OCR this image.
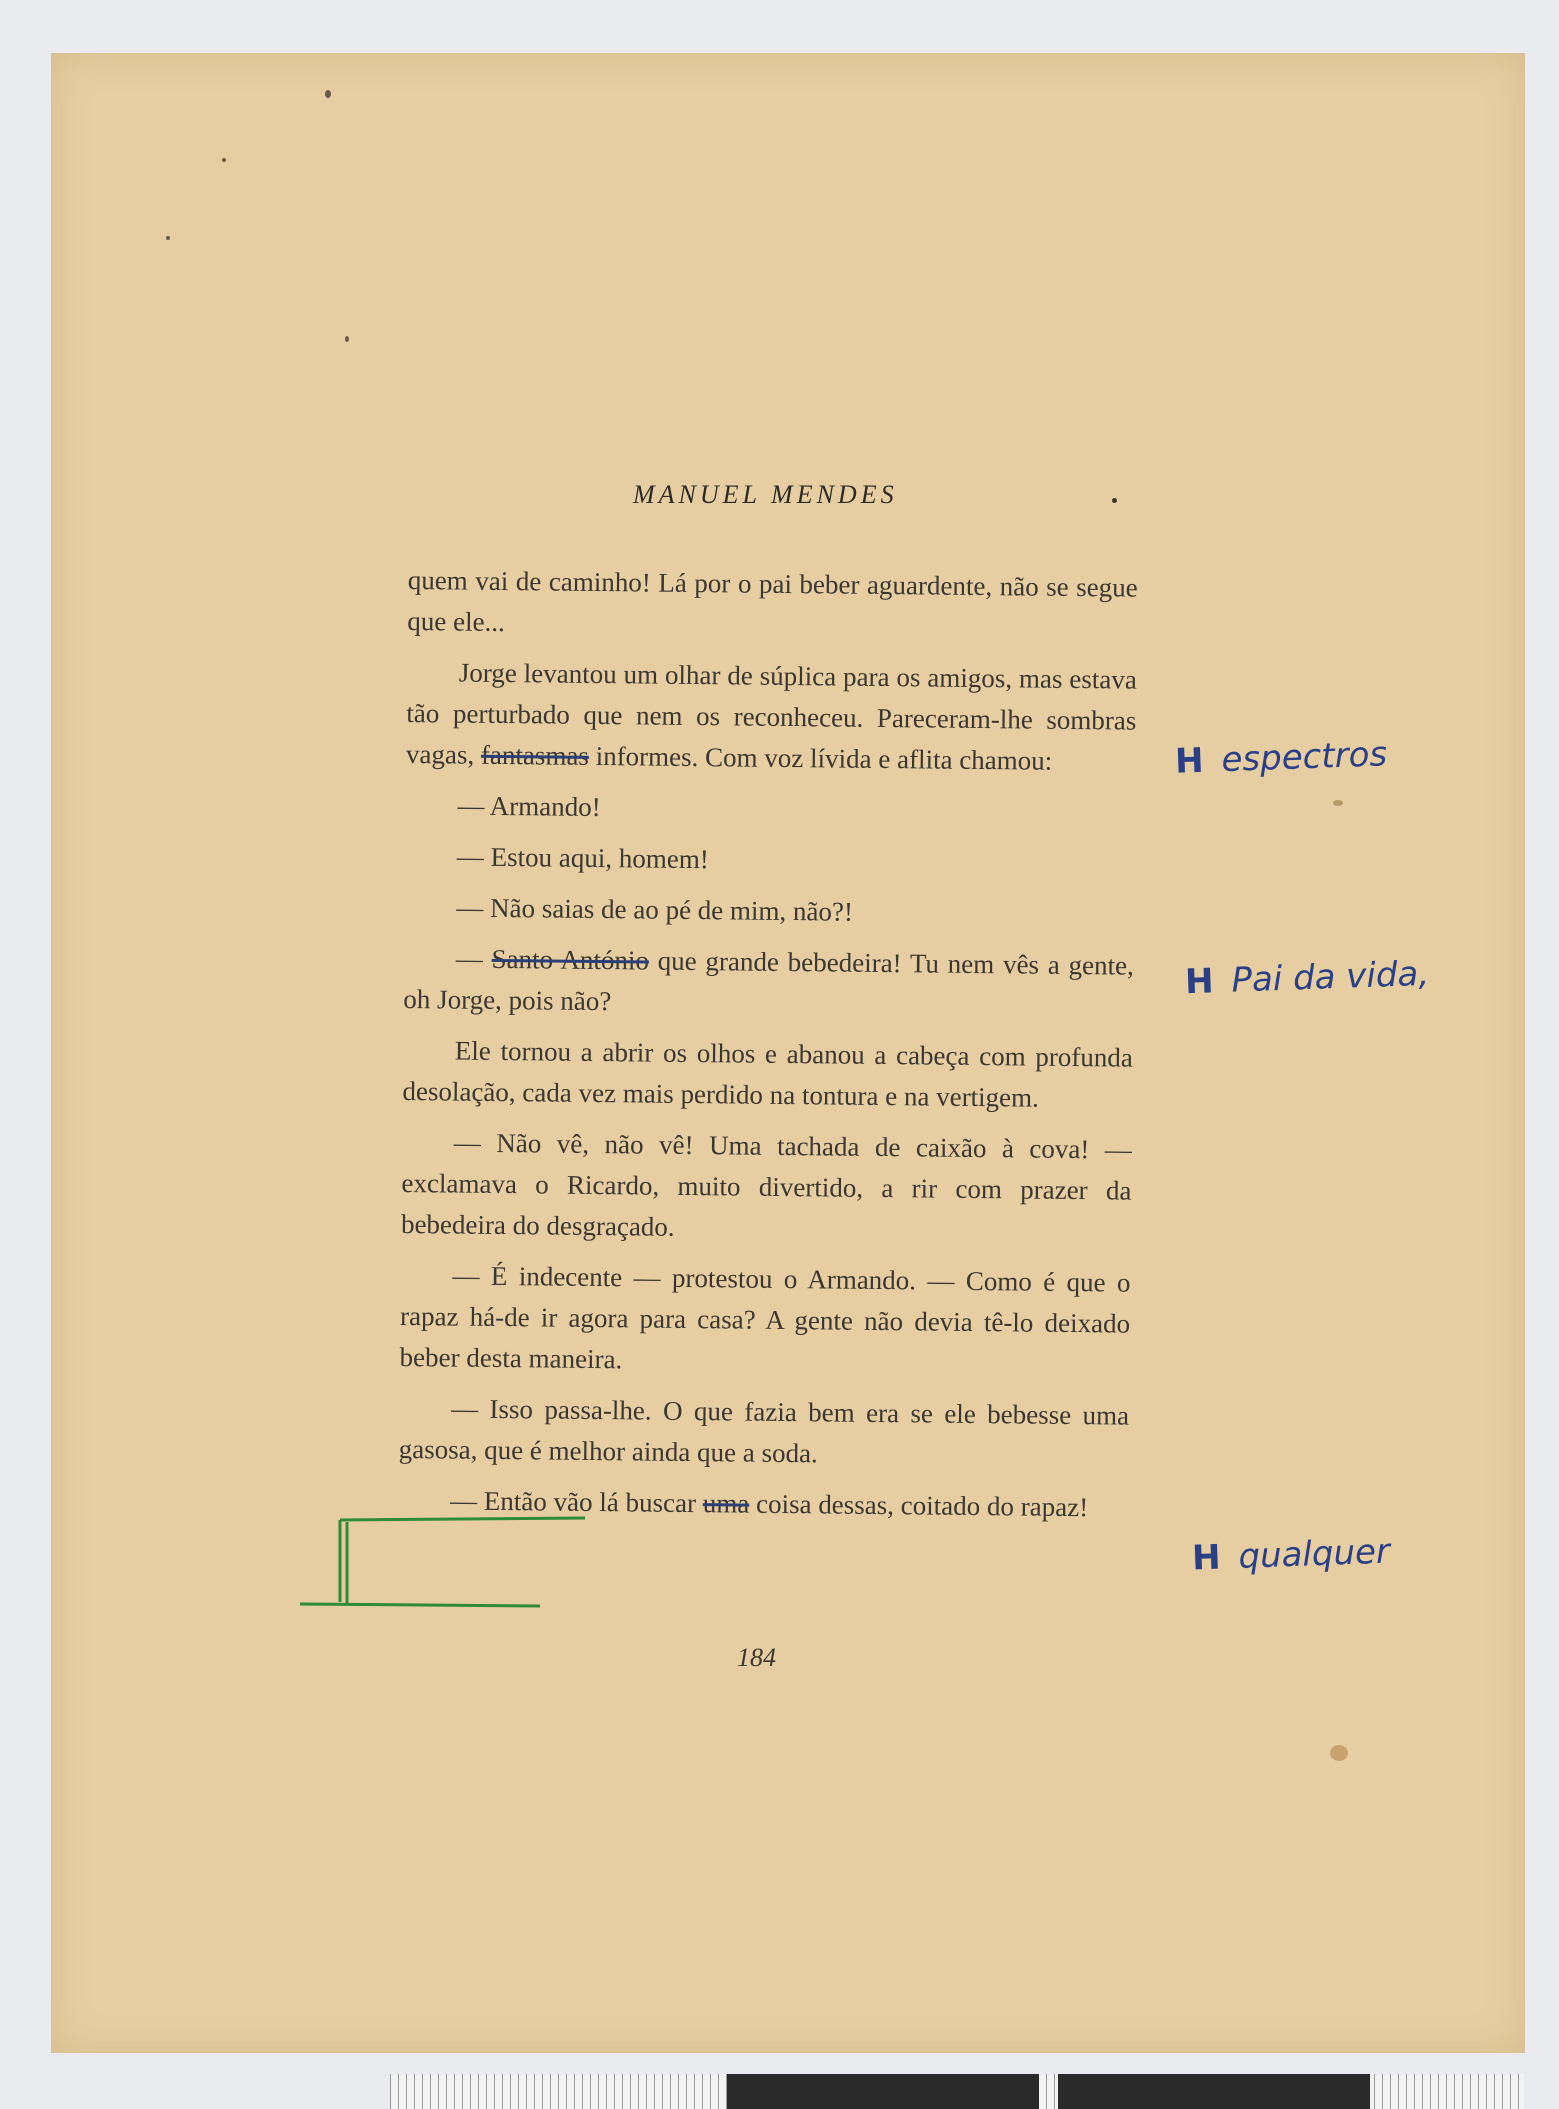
MANUEL MENDES

quem vai de caminho! Lá por o pai beber aguardente, não se segue que ele...

Jorge levantou um olhar de súplica para os amigos, mas estava tão perturbado que nem os reconheceu. Pareceram-lhe sombras vagas, fantasmas informes. Com voz lívida e aflita chamou:

— Armando!

— Estou aqui, homem!

— Não saias de ao pé de mim, não?!

— Santo António que grande bebedeira! Tu nem vês a gente, oh Jorge, pois não?

Ele tornou a abrir os olhos e abanou a cabeça com profunda desolação, cada vez mais perdido na tontura e na vertigem.

— Não vê, não vê! Uma tachada de caixão à cova! — exclamava o Ricardo, muito divertido, a rir com prazer da bebedeira do desgraçado.

— É indecente — protestou o Armando. — Como é que o rapaz há-de ir agora para casa? A gente não devia tê-lo deixado beber desta maneira.

— Isso passa-lhe. O que fazia bem era se ele bebesse uma gasosa, que é melhor ainda que a soda.

— Então vão lá buscar uma coisa dessas, coitado do rapaz!

H espectros
H Pai da vida,
H qualquer
184
